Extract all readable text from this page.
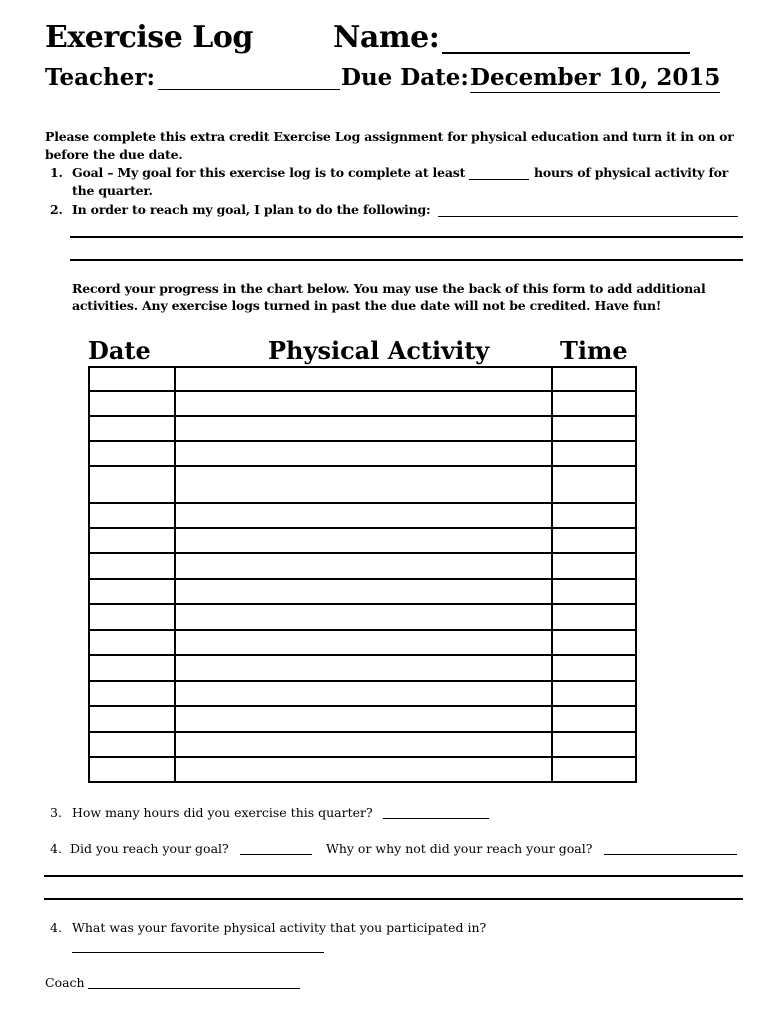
Exercise Log	Name:
Teacher:	Due Date: December 10, 2015
Please complete this extra credit Exercise Log assignment for physical education and turn it in on or
before the due date.
1. Goal – My goal for this exercise log is to complete at least	hours of physical activity for
the quarter.
2. In order to reach my goal, I plan to do the following:
Record your progress in the chart below. You may use the back of this form to add additional
activities. Any exercise logs turned in past the due date will not be credited. Have fun!
Date	Physical Activity	Time

3. How many hours did you exercise this quarter?
4. Did you reach your goal?	Why or why not did your reach your goal?
4. What was your favorite physical activity that you participated in?
Coach
